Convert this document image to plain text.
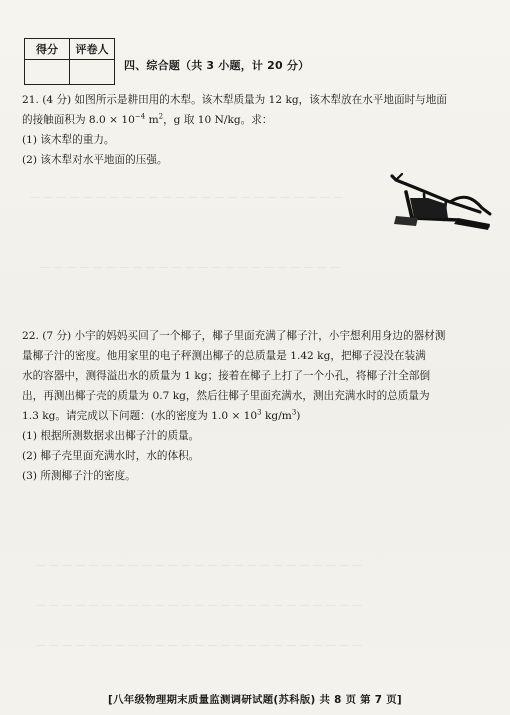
— — — — — — — — — — — — — — — — — — — — — — — —
— — — — — — — — — — — — — — — — — — — — — — —
— — — — — — — — — — — — — — — — — — — — — — — — —
— — — — — — — — — — — — — — — — — — — — — — — — —
— — — — — — — — — — — — — — — — — — — — — — — — —
得分	评卷人

四、综合题（共 3 小题，计 20 分）

21. (4 分) 如图所示是耕田用的木犁。该木犁质量为 12 kg，该木犁放在水平地面时与地面

的接触面积为 $8.0 \times 10^{-4}$ $m^2$，g 取 10 N/kg。求：

(1) 该木犁的重力。

(2) 该木犁对水平地面的压强。

22. (7 分) 小宇的妈妈买回了一个椰子，椰子里面充满了椰子汁，小宇想利用身边的器材测

量椰子汁的密度。他用家里的电子秤测出椰子的总质量是 1.42 kg，把椰子浸没在装满

水的容器中，测得溢出水的质量为 1 kg；接着在椰子上打了一个小孔，将椰子汁全部倒

出，再测出椰子壳的质量为 0.7 kg，然后往椰子里面充满水，测出充满水时的总质量为

1.3 kg。请完成以下问题：(水的密度为 $1.0 \times 10^3$ $kg/m^3$)

(1) 根据所测数据求出椰子汁的质量。

(2) 椰子壳里面充满水时，水的体积。

(3) 所测椰子汁的密度。

[八年级物理期末质量监测调研试题(苏科版) 共 8 页 第 7 页]
